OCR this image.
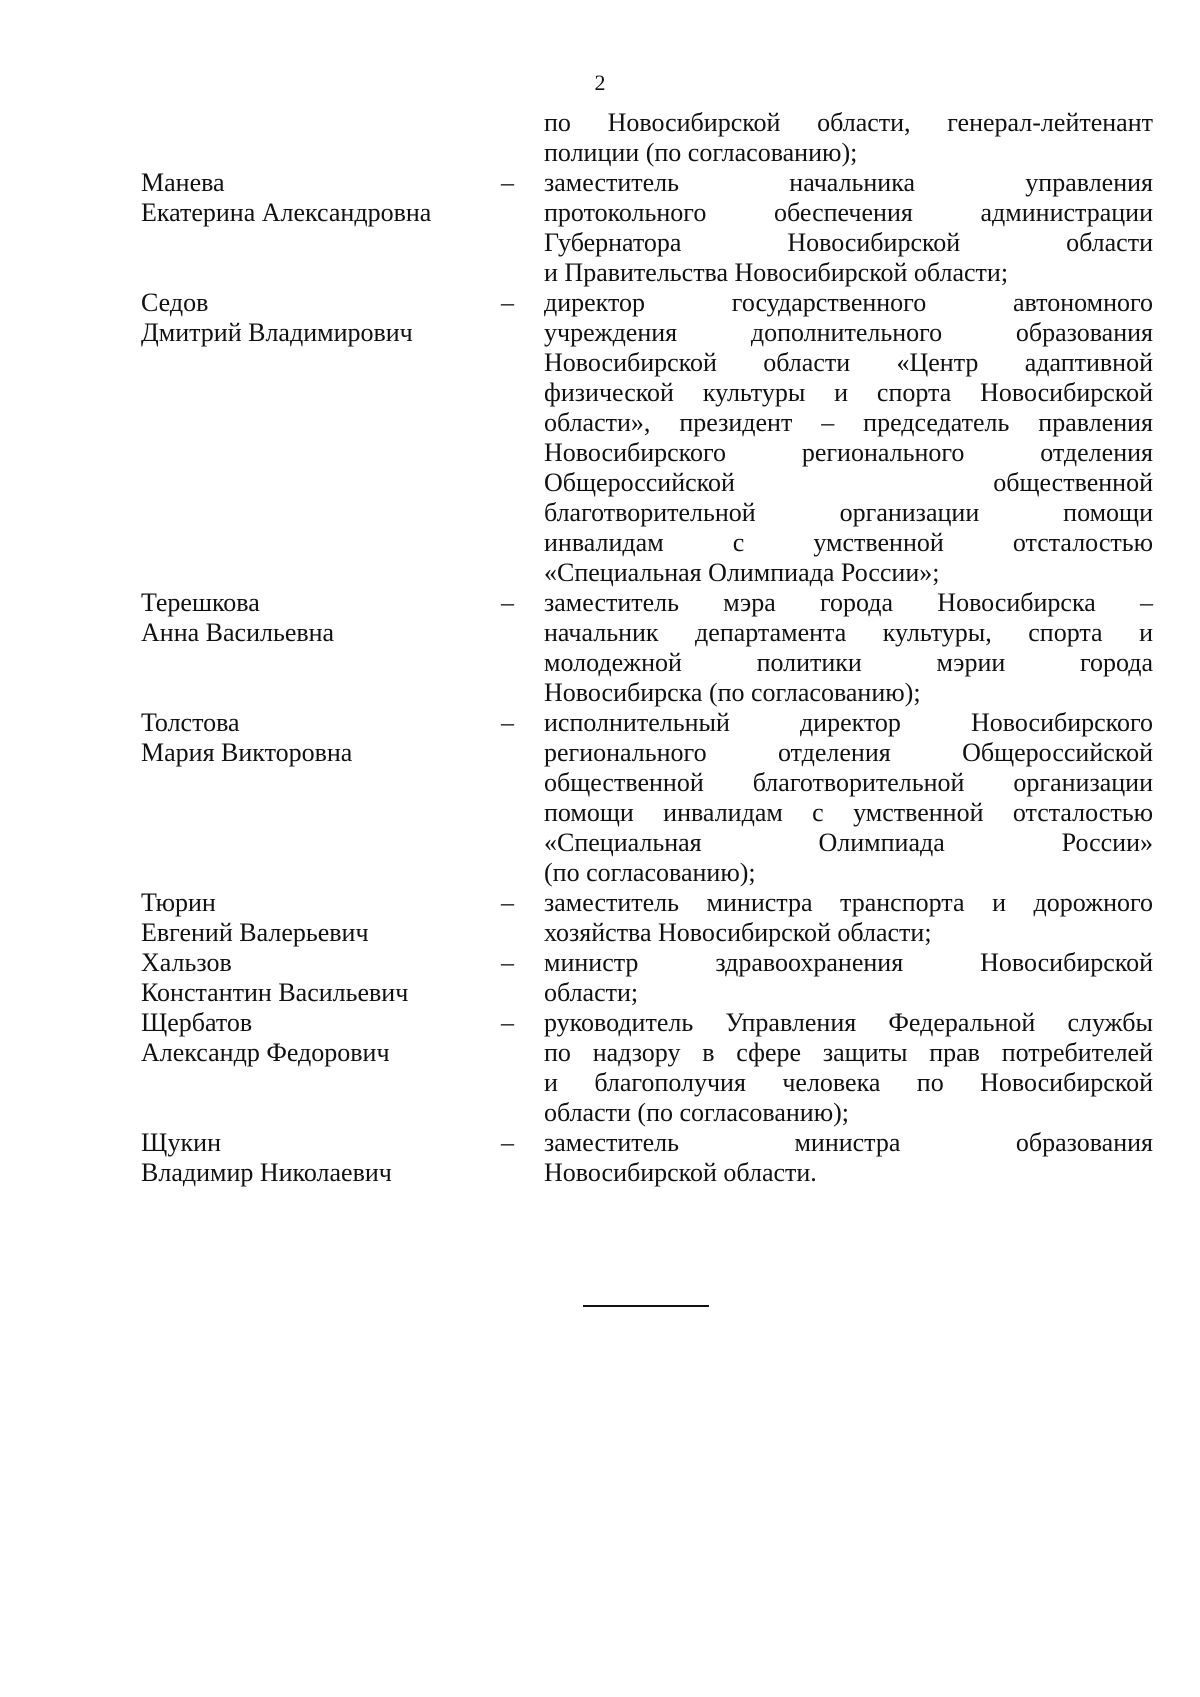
2
по Новосибирской области, генерал-лейтенант
полиции (по согласованию);
Манева
Екатерина Александровна
–	заместитель начальника управления
протокольного обеспечения администрации
Губернатора Новосибирской области
и Правительства Новосибирской области;
Седов
Дмитрий Владимирович
–	директор государственного автономного
учреждения дополнительного образования
Новосибирской области «Центр адаптивной
физической культуры и спорта Новосибирской
области», президент – председатель правления
Новосибирского регионального отделения
Общероссийской общественной
благотворительной организации помощи
инвалидам с умственной отсталостью
«Специальная Олимпиада России»;
Терешкова
Анна Васильевна
–	заместитель мэра города Новосибирска –
начальник департамента культуры, спорта и
молодежной политики мэрии города
Новосибирска (по согласованию);
Толстова
Мария Викторовна
–	исполнительный директор Новосибирского
регионального отделения Общероссийской
общественной благотворительной организации
помощи инвалидам с умственной отсталостью
«Специальная Олимпиада России»
(по согласованию);
Тюрин
Евгений Валерьевич
–	заместитель министра транспорта и дорожного
хозяйства Новосибирской области;
Хальзов
Константин Васильевич
–	министр здравоохранения Новосибирской
области;
Щербатов
Александр Федорович
–	руководитель Управления Федеральной службы
по надзору в сфере защиты прав потребителей
и благополучия человека по Новосибирской
области (по согласованию);
Щукин
Владимир Николаевич
–	заместитель министра образования
Новосибирской области.
